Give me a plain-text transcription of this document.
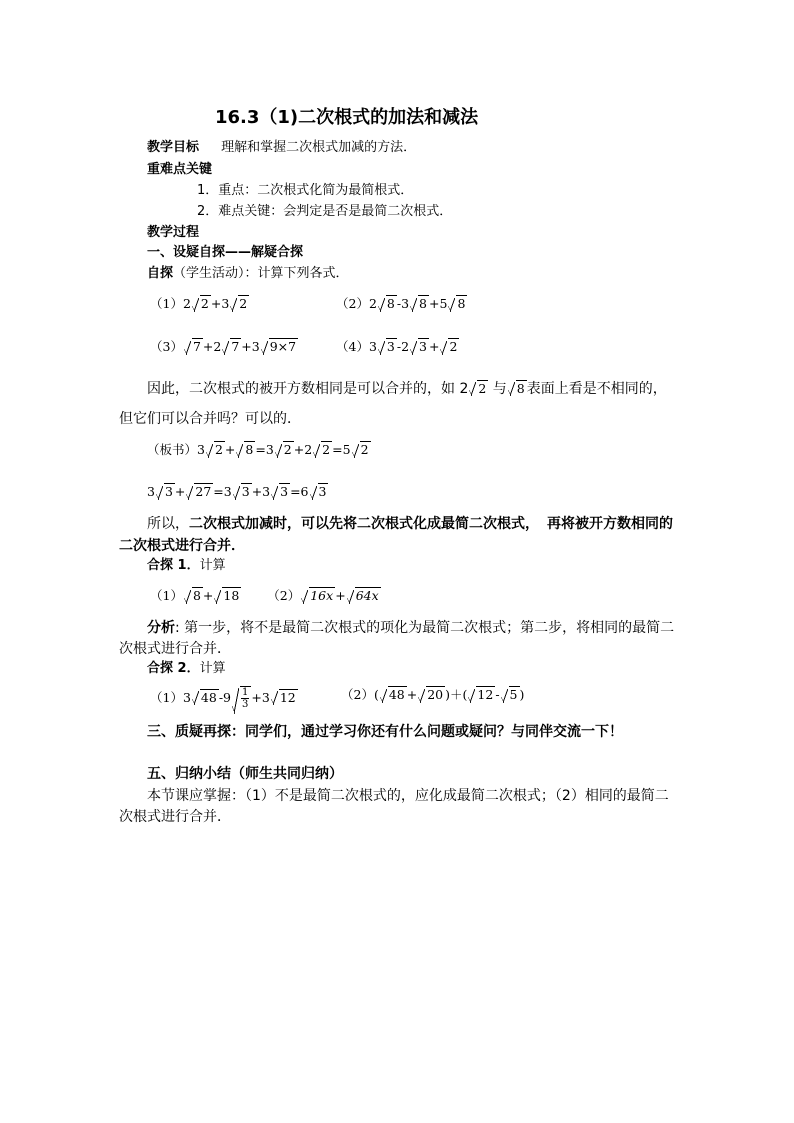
16.3（1)二次根式的加法和减法
教学目标 理解和掌握二次根式加减的方法．
重难点关键
1．重点：二次根式化简为最简根式．
2．难点关键：会判定是否是最简二次根式．
教学过程
一、设疑自探——解疑合探
自探（学生活动）：计算下列各式．
（1）2 2 +3 2	（2）2 8 -3 8 +5 8
（3） 7 +2 7 +3 9×7	（4）3 3 -2 3 + 2
因此，二次根式的被开方数相同是可以合并的，如 2 2 与 8 表面上看是不相同的，
但它们可以合并吗？可以的．
（板书）3 2 + 8 =3 2 +2 2 =5 2
3 3 + 27 =3 3 +3 3 =6 3
所以，二次根式加减时，可以先将二次根式化成最简二次根式， 再将被开方数相同的
二次根式进行合并．
合探 1．计算
（1） 8 + 18 （2） 16x + 64x
分析: 第一步，将不是最简二次根式的项化为最简二次根式；第二步，将相同的最简二
次根式进行合并．
合探 2．计算
（1）3 48 $-9 \frac{1}{3} +3$ 12	（2）( 48 + 20 )＋( 12 - 5 )
三、质疑再探：同学们，通过学习你还有什么问题或疑问？与同伴交流一下！
五、归纳小结（师生共同归纳）
本节课应掌握：（1）不是最简二次根式的，应化成最简二次根式；（2）相同的最简二
次根式进行合并．
